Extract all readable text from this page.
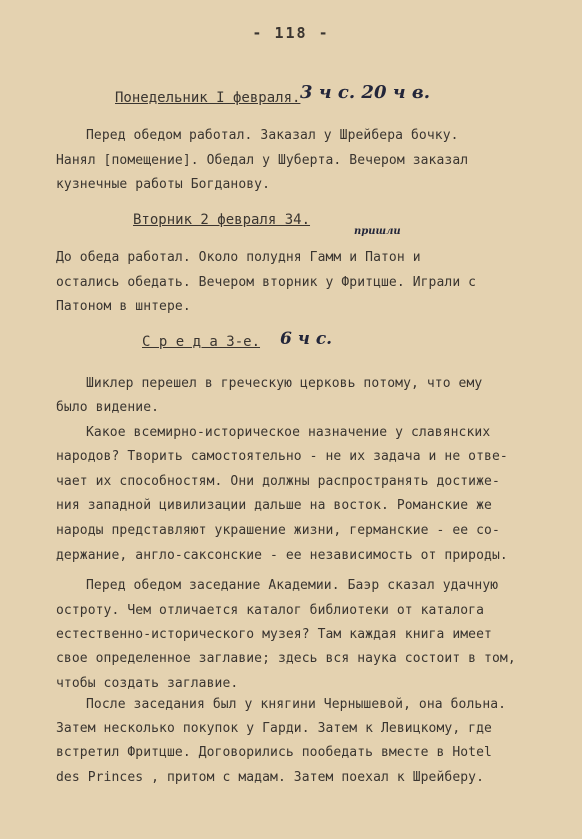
- 118 -
Понедельник I февраля. 3 ч с. 20 ч в.
Перед обедом работал. Заказал у Шрейбера бочку.
Нанял [помещение]. Обедал у Шуберта. Вечером заказал
кузнечные работы Богданову.
Вторник 2 февраля 34.
пришли
До обеда работал. Около полудня Гамм и Патон и
остались обедать. Вечером вторник у Фритцше. Играли с
Патоном в шнтере.
С р е д а 3-е. 6 ч с.
Шиклер перешел в греческую церковь потому, что ему
было видение.
Какое всемирно-историческое назначение у славянских
народов? Творить самостоятельно - не их задача и не отве-
чает их способностям. Они должны распространять достиже-
ния западной цивилизации дальше на восток. Романские же
народы представляют украшение жизни, германские - ее со-
держание, англо-саксонские - ее независимость от природы.
Перед обедом заседание Академии. Баэр сказал удачную
остроту. Чем отличается каталог библиотеки от каталога
естественно-исторического музея? Там каждая книга имеет
свое определенное заглавие; здесь вся наука состоит в том,
чтобы создать заглавие.
После заседания был у княгини Чернышевой, она больна.
Затем несколько покупок у Гарди. Затем к Левицкому, где
встретил Фритцше. Договорились пообедать вместе в Hotel
des Princes , притом с мадам. Затем поехал к Шрейберу.
